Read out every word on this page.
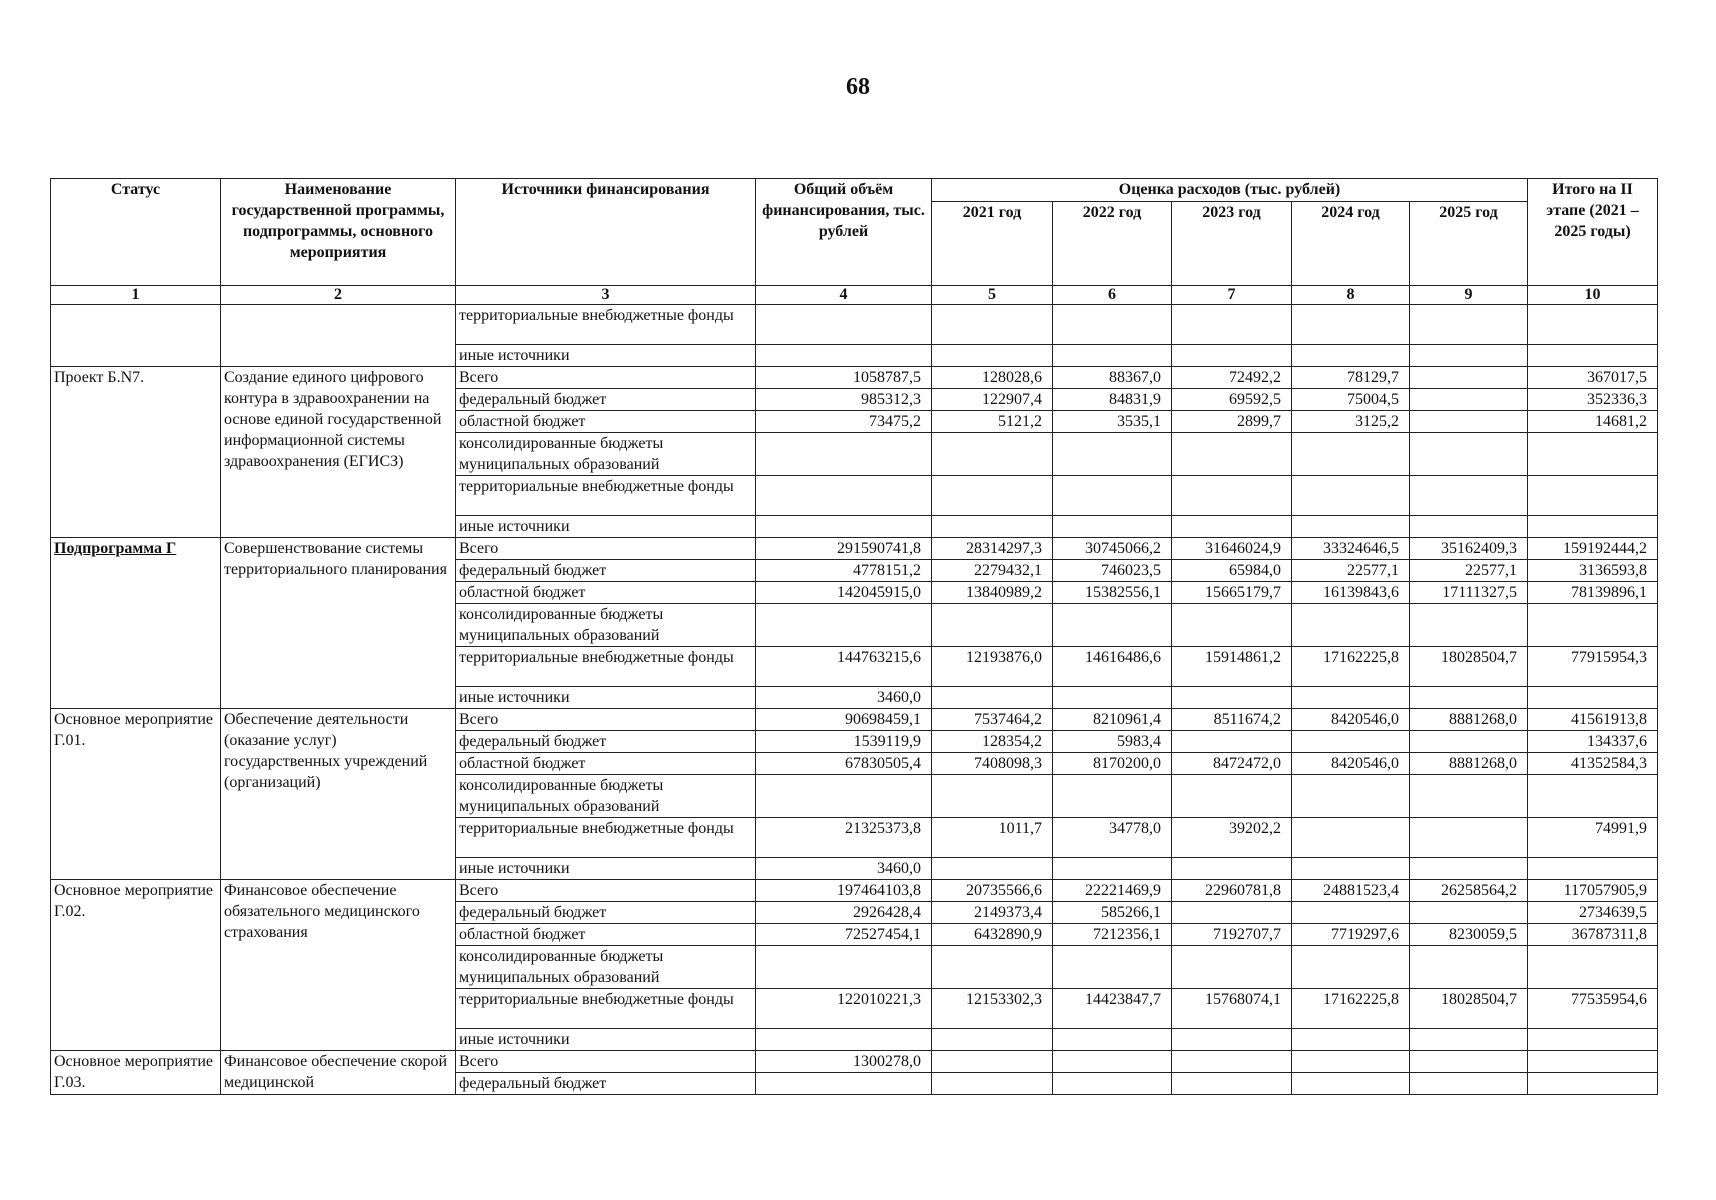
68
Статус	Наименование государственной программы, подпрограммы, основного мероприятия	Источники финансирования	Общий объём финансирования, тыс. рублей	Оценка расходов (тыс. рублей)					Итого на II этапе (2021 – 2025 годы)
				2021 год	2022 год	2023 год	2024 год	2025 год	
1	2	3	4	5	6	7	8	9	10
		территориальные внебюджетные фонды							
		иные источники							
Проект Б.N7.	Создание единого цифрового контура в здравоохранении на основе единой государственной информационной системы здравоохранения (ЕГИСЗ)	Всего	1058787,5	128028,6	88367,0	72492,2	78129,7		367017,5
		федеральный бюджет	985312,3	122907,4	84831,9	69592,5	75004,5		352336,3
		областной бюджет	73475,2	5121,2	3535,1	2899,7	3125,2		14681,2
		консолидированные бюджеты муниципальных образований							
		территориальные внебюджетные фонды							
		иные источники							
Подпрограмма Г	Совершенствование системы территориального планирования	Всего	291590741,8	28314297,3	30745066,2	31646024,9	33324646,5	35162409,3	159192444,2
		федеральный бюджет	4778151,2	2279432,1	746023,5	65984,0	22577,1	22577,1	3136593,8
		областной бюджет	142045915,0	13840989,2	15382556,1	15665179,7	16139843,6	17111327,5	78139896,1
		консолидированные бюджеты муниципальных образований							
		территориальные внебюджетные фонды	144763215,6	12193876,0	14616486,6	15914861,2	17162225,8	18028504,7	77915954,3
		иные источники	3460,0						
Основное мероприятие Г.01.	Обеспечение деятельности (оказание услуг) государственных учреждений (организаций)	Всего	90698459,1	7537464,2	8210961,4	8511674,2	8420546,0	8881268,0	41561913,8
		федеральный бюджет	1539119,9	128354,2	5983,4				134337,6
		областной бюджет	67830505,4	7408098,3	8170200,0	8472472,0	8420546,0	8881268,0	41352584,3
		консолидированные бюджеты муниципальных образований							
		территориальные внебюджетные фонды	21325373,8	1011,7	34778,0	39202,2			74991,9
		иные источники	3460,0						
Основное мероприятие Г.02.	Финансовое обеспечение обязательного медицинского страхования	Всего	197464103,8	20735566,6	22221469,9	22960781,8	24881523,4	26258564,2	117057905,9
		федеральный бюджет	2926428,4	2149373,4	585266,1				2734639,5
		областной бюджет	72527454,1	6432890,9	7212356,1	7192707,7	7719297,6	8230059,5	36787311,8
		консолидированные бюджеты муниципальных образований							
		территориальные внебюджетные фонды	122010221,3	12153302,3	14423847,7	15768074,1	17162225,8	18028504,7	77535954,6
		иные источники							
Основное мероприятие Г.03.	Финансовое обеспечение скорой медицинской	Всего	1300278,0						
		федеральный бюджет							
